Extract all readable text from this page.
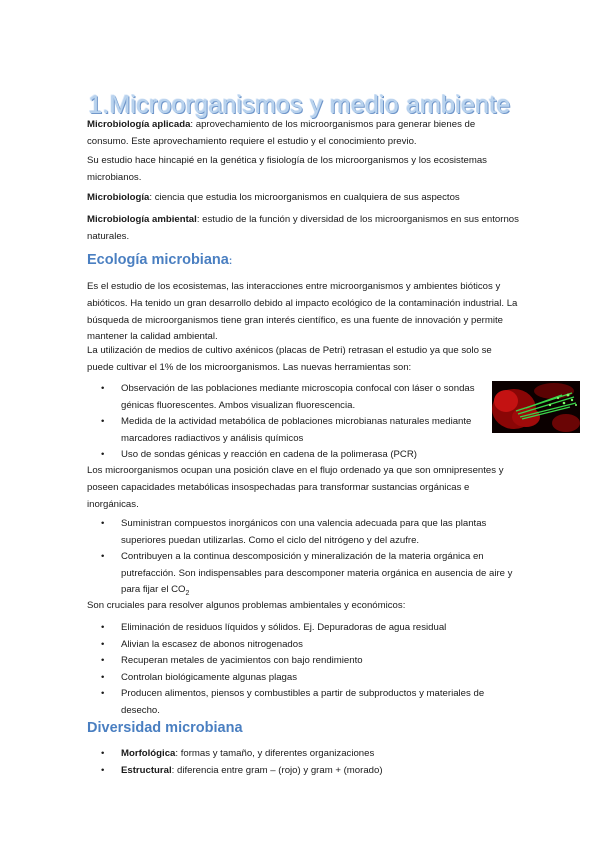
1.Microorganismos y medio ambiente

Microbiología aplicada: aprovechamiento de los microorganismos para generar bienes de consumo. Este aprovechamiento requiere el estudio y el conocimiento previo.

Su estudio hace hincapié en la genética y fisiología de los microorganismos y los ecosistemas microbianos.

Microbiología: ciencia que estudia los microorganismos en cualquiera de sus aspectos

Microbiología ambiental: estudio de la función y diversidad de los microorganismos en sus entornos naturales.

Ecología microbiana:

Es el estudio de los ecosistemas, las interacciones entre microorganismos y ambientes bióticos y abióticos. Ha tenido un gran desarrollo debido al impacto ecológico de la contaminación industrial. La búsqueda de microorganismos tiene gran interés científico, es una fuente de innovación y permite mantener la calidad ambiental.

La utilización de medios de cultivo axénicos (placas de Petri) retrasan el estudio ya que solo se puede cultivar el 1% de los microorganismos. Las nuevas herramientas son:

• Observación de las poblaciones mediante microscopia confocal con láser o sondas génicas fluorescentes. Ambos visualizan fluorescencia.
• Medida de la actividad metabólica de poblaciones microbianas naturales mediante marcadores radiactivos y análisis químicos
• Uso de sondas génicas y reacción en cadena de la polimerasa (PCR)

Los microorganismos ocupan una posición clave en el flujo ordenado ya que son omnipresentes y poseen capacidades metabólicas insospechadas para transformar sustancias orgánicas e inorgánicas.

• Suministran compuestos inorgánicos con una valencia adecuada para que las plantas superiores puedan utilizarlas. Como el ciclo del nitrógeno y del azufre.
• Contribuyen a la continua descomposición y mineralización de la materia orgánica en putrefacción. Son indispensables para descomponer materia orgánica en ausencia de aire y para fijar el $CO_2$

Son cruciales para resolver algunos problemas ambientales y económicos:

• Eliminación de residuos líquidos y sólidos. Ej. Depuradoras de agua residual
• Alivian la escasez de abonos nitrogenados
• Recuperan metales de yacimientos con bajo rendimiento
• Controlan biológicamente algunas plagas
• Producen alimentos, piensos y combustibles a partir de subproductos y materiales de desecho.
Diversidad microbiana
• Morfológica: formas y tamaño, y diferentes organizaciones
• Estructural: diferencia entre gram – (rojo) y gram + (morado)
